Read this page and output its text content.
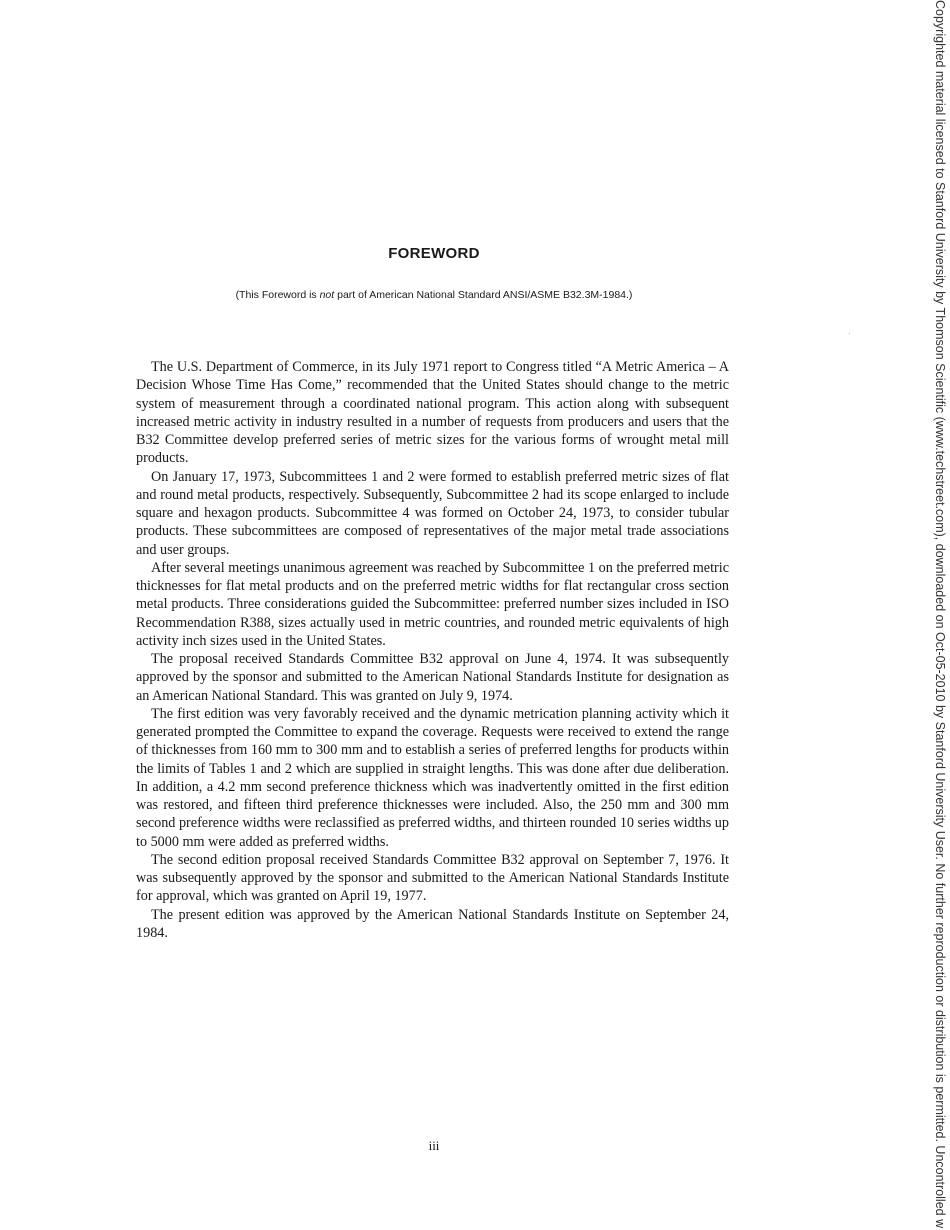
FOREWORD

(This Foreword is not part of American National Standard ANSI/ASME B32.3M-1984.)

The U.S. Department of Commerce, in its July 1971 report to Congress titled “A Metric America – A Decision Whose Time Has Come,” recommended that the United States should change to the metric system of measurement through a coordinated national program. This action along with subsequent increased metric activity in industry resulted in a number of requests from producers and users that the B32 Committee develop preferred series of metric sizes for the various forms of wrought metal mill products.

On January 17, 1973, Subcommittees 1 and 2 were formed to establish preferred metric sizes of flat and round metal products, respectively. Subsequently, Subcommittee 2 had its scope enlarged to include square and hexagon products. Subcommittee 4 was formed on October 24, 1973, to consider tubular products. These subcommittees are composed of representatives of the major metal trade associations and user groups.

After several meetings unanimous agreement was reached by Subcommittee 1 on the preferred metric thicknesses for flat metal products and on the preferred metric widths for flat rectangular cross section metal products. Three considerations guided the Subcommittee: preferred number sizes included in ISO Recommendation R388, sizes actually used in metric countries, and rounded metric equivalents of high activity inch sizes used in the United States.

The proposal received Standards Committee B32 approval on June 4, 1974. It was subsequently approved by the sponsor and submitted to the American National Standards Institute for designation as an American National Standard. This was granted on July 9, 1974.

The first edition was very favorably received and the dynamic metrication planning activity which it generated prompted the Committee to expand the coverage. Requests were received to extend the range of thicknesses from 160 mm to 300 mm and to establish a series of preferred lengths for products within the limits of Tables 1 and 2 which are supplied in straight lengths. This was done after due deliberation. In addition, a 4.2 mm second preference thickness which was inadvertently omitted in the first edition was restored, and fifteen third preference thicknesses were included. Also, the 250 mm and 300 mm second preference widths were reclassified as preferred widths, and thirteen rounded 10 series widths up to 5000 mm were added as preferred widths.

The second edition proposal received Standards Committee B32 approval on September 7, 1976. It was subsequently approved by the sponsor and submitted to the American National Standards Institute for approval, which was granted on April 19, 1977.

The present edition was approved by the American National Standards Institute on September 24, 1984.

iii	Copyrighted material licensed to Stanford University by Thomson Scientific (www.techstreet.com), downloaded on Oct-05-2010 by Stanford University User. No further reproduction or distribution is permitted. Uncontrolled w
